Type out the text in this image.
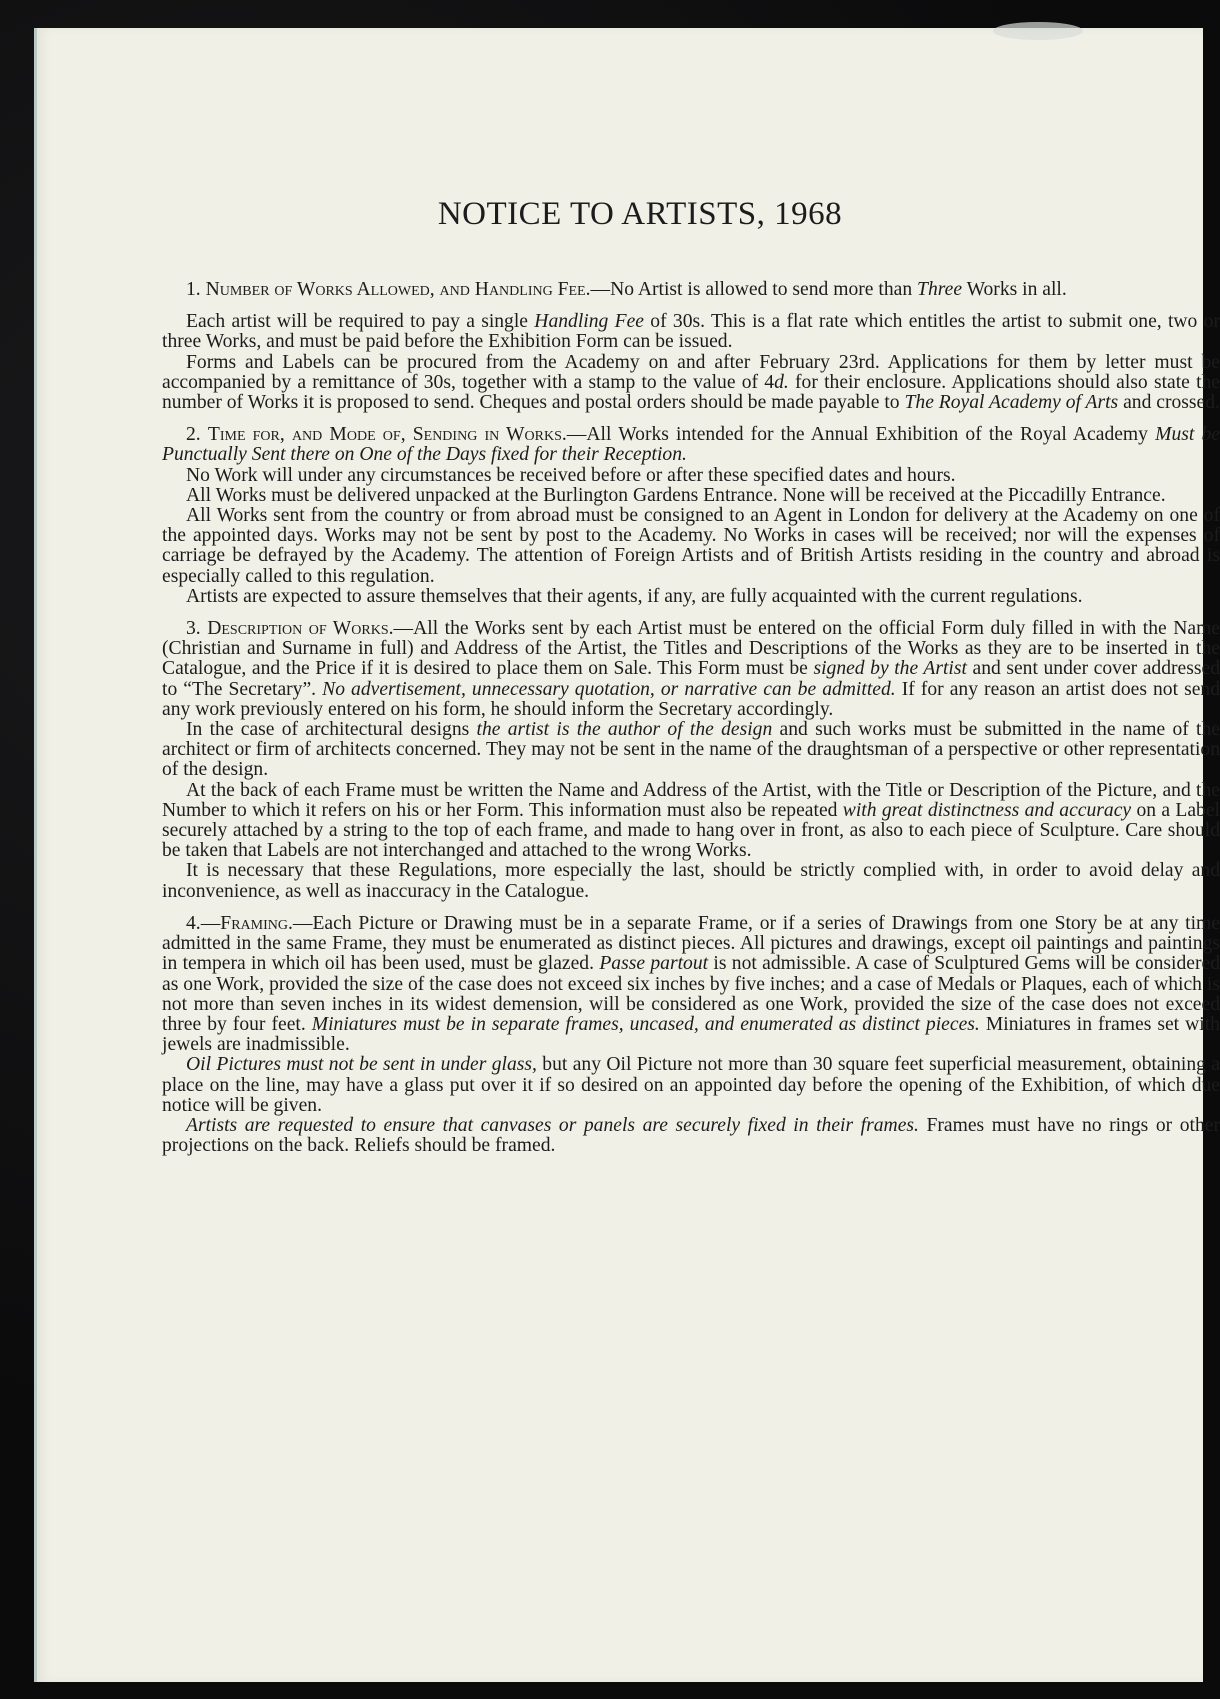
NOTICE TO ARTISTS, 1968

1. Number of Works Allowed, and Handling Fee.—No Artist is allowed to send more than Three Works in all.

Each artist will be required to pay a single Handling Fee of 30s. This is a flat rate which entitles the artist to submit one, two or three Works, and must be paid before the Exhibition Form can be issued.

Forms and Labels can be procured from the Academy on and after February 23rd. Applications for them by letter must be accompanied by a remittance of 30s, together with a stamp to the value of 4d. for their enclosure. Applications should also state the number of Works it is proposed to send. Cheques and postal orders should be made payable to The Royal Academy of Arts and crossed.

2. Time for, and Mode of, Sending in Works.—All Works intended for the Annual Exhibition of the Royal Academy Must be Punctually Sent there on One of the Days fixed for their Reception.

No Work will under any circumstances be received before or after these specified dates and hours.

All Works must be delivered unpacked at the Burlington Gardens Entrance. None will be received at the Piccadilly Entrance.

All Works sent from the country or from abroad must be consigned to an Agent in London for delivery at the Academy on one of the appointed days. Works may not be sent by post to the Academy. No Works in cases will be received; nor will the expenses of carriage be defrayed by the Academy. The attention of Foreign Artists and of British Artists residing in the country and abroad is especially called to this regulation.

Artists are expected to assure themselves that their agents, if any, are fully acquainted with the current regulations.

3. Description of Works.—All the Works sent by each Artist must be entered on the official Form duly filled in with the Name (Christian and Surname in full) and Address of the Artist, the Titles and Descriptions of the Works as they are to be inserted in the Catalogue, and the Price if it is desired to place them on Sale. This Form must be signed by the Artist and sent under cover addressed to “The Secretary”. No advertisement, unnecessary quotation, or narrative can be admitted. If for any reason an artist does not send any work previously entered on his form, he should inform the Secretary accordingly.

In the case of architectural designs the artist is the author of the design and such works must be submitted in the name of the architect or firm of architects concerned. They may not be sent in the name of the draughtsman of a perspective or other representation of the design.

At the back of each Frame must be written the Name and Address of the Artist, with the Title or Description of the Picture, and the Number to which it refers on his or her Form. This information must also be repeated with great distinctness and accuracy on a Label securely attached by a string to the top of each frame, and made to hang over in front, as also to each piece of Sculpture. Care should be taken that Labels are not interchanged and attached to the wrong Works.

It is necessary that these Regulations, more especially the last, should be strictly complied with, in order to avoid delay and inconvenience, as well as inaccuracy in the Catalogue.

4.—Framing.—Each Picture or Drawing must be in a separate Frame, or if a series of Drawings from one Story be at any time admitted in the same Frame, they must be enumerated as distinct pieces. All pictures and drawings, except oil paintings and paintings in tempera in which oil has been used, must be glazed. Passe partout is not admissible. A case of Sculptured Gems will be considered as one Work, provided the size of the case does not exceed six inches by five inches; and a case of Medals or Plaques, each of which is not more than seven inches in its widest demension, will be considered as one Work, provided the size of the case does not exceed three by four feet. Miniatures must be in separate frames, uncased, and enumerated as distinct pieces. Miniatures in frames set with jewels are inadmissible.

Oil Pictures must not be sent in under glass, but any Oil Picture not more than 30 square feet superficial measurement, obtaining a place on the line, may have a glass put over it if so desired on an appointed day before the opening of the Exhibition, of which due notice will be given.

Artists are requested to ensure that canvases or panels are securely fixed in their frames. Frames must have no rings or other projections on the back. Reliefs should be framed.
